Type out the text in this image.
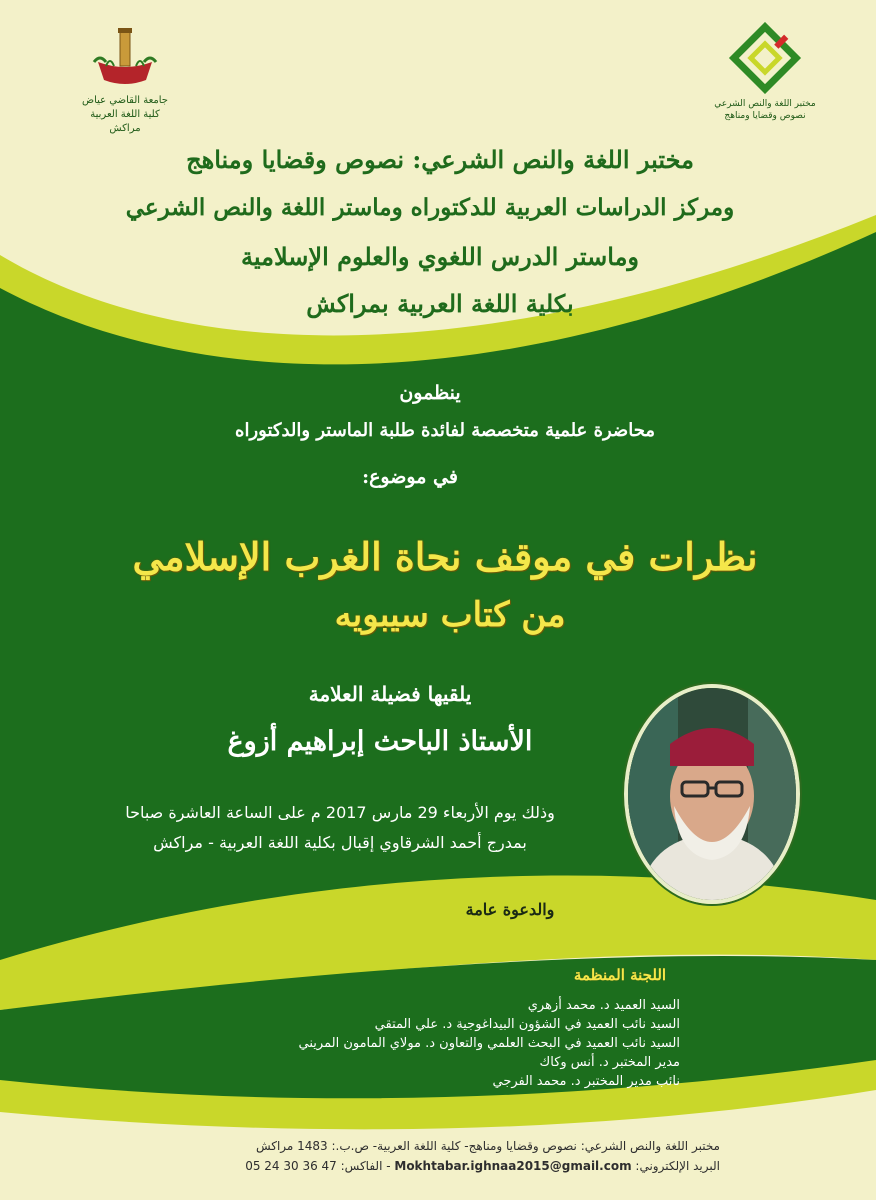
جامعة القاضي عياض
كلية اللغة العربية
مراكش
مختبر اللغة والنص الشرعي
نصوص وقضايا ومناهج
مختبر اللغة والنص الشرعي: نصوص وقضايا ومناهج
ومركز الدراسات العربية للدكتوراه وماستر اللغة والنص الشرعي
وماستر الدرس اللغوي والعلوم الإسلامية
بكلية اللغة العربية بمراكش
ينظمون
محاضرة علمية متخصصة لفائدة طلبة الماستر والدكتوراه
في موضوع:
نظرات في موقف نحاة الغرب الإسلامي
من كتاب سيبويه
يلقيها فضيلة العلامة
الأستاذ الباحث إبراهيم أزوغ
وذلك يوم الأربعاء 29 مارس 2017 م على الساعة العاشرة صباحا
بمدرج أحمد الشرقاوي إقبال بكلية اللغة العربية - مراكش
والدعوة عامة
اللجنة المنظمة
السيد العميد د. محمد أزهري
السيد نائب العميد في الشؤون البيداغوجية د. علي المتقي
السيد نائب العميد في البحث العلمي والتعاون د. مولاي المامون المريني
مدير المختبر د. أنس وكاك
نائب مدير المختبر د. محمد الفرجي
مختبر اللغة والنص الشرعي: نصوص وقضايا ومناهج- كلية اللغة العربية- ص.ب.: 1483 مراكش
البريد الإلكتروني: Mokhtabar.ighnaa2015@gmail.com - الفاكس: 05 24 30 36 47
